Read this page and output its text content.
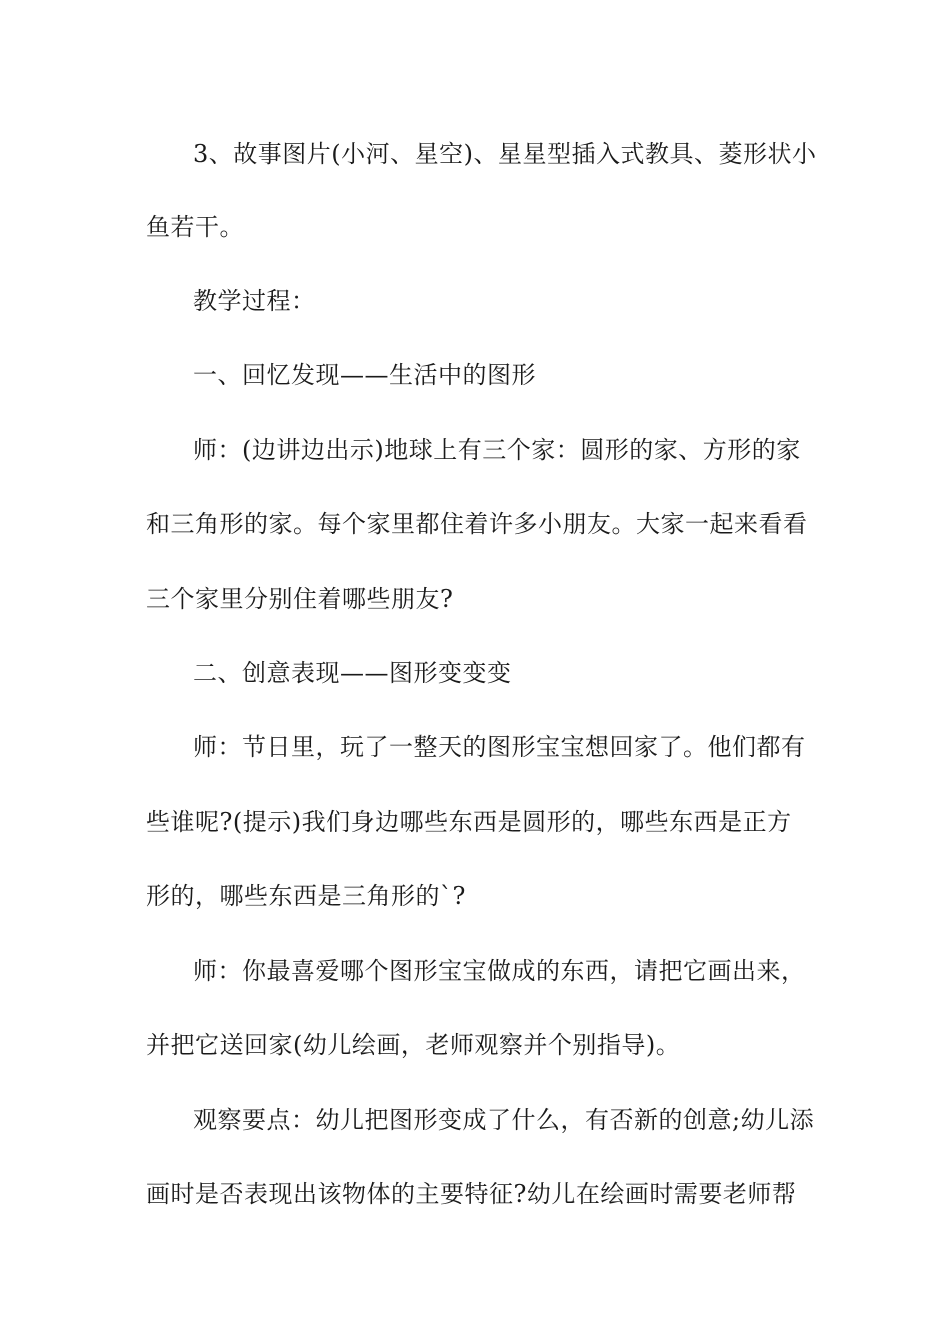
3、故事图片(小河、星空)、星星型插入式教具、菱形状小
鱼若干。
教学过程：
一、回忆发现——生活中的图形
师：(边讲边出示)地球上有三个家：圆形的家、方形的家
和三角形的家。每个家里都住着许多小朋友。大家一起来看看
三个家里分别住着哪些朋友?
二、创意表现——图形变变变
师：节日里，玩了一整天的图形宝宝想回家了。他们都有
些谁呢?(提示)我们身边哪些东西是圆形的，哪些东西是正方
形的，哪些东西是三角形的`?
师：你最喜爱哪个图形宝宝做成的东西，请把它画出来，
并把它送回家(幼儿绘画，老师观察并个别指导)。
观察要点：幼儿把图形变成了什么，有否新的创意;幼儿添
画时是否表现出该物体的主要特征?幼儿在绘画时需要老师帮
